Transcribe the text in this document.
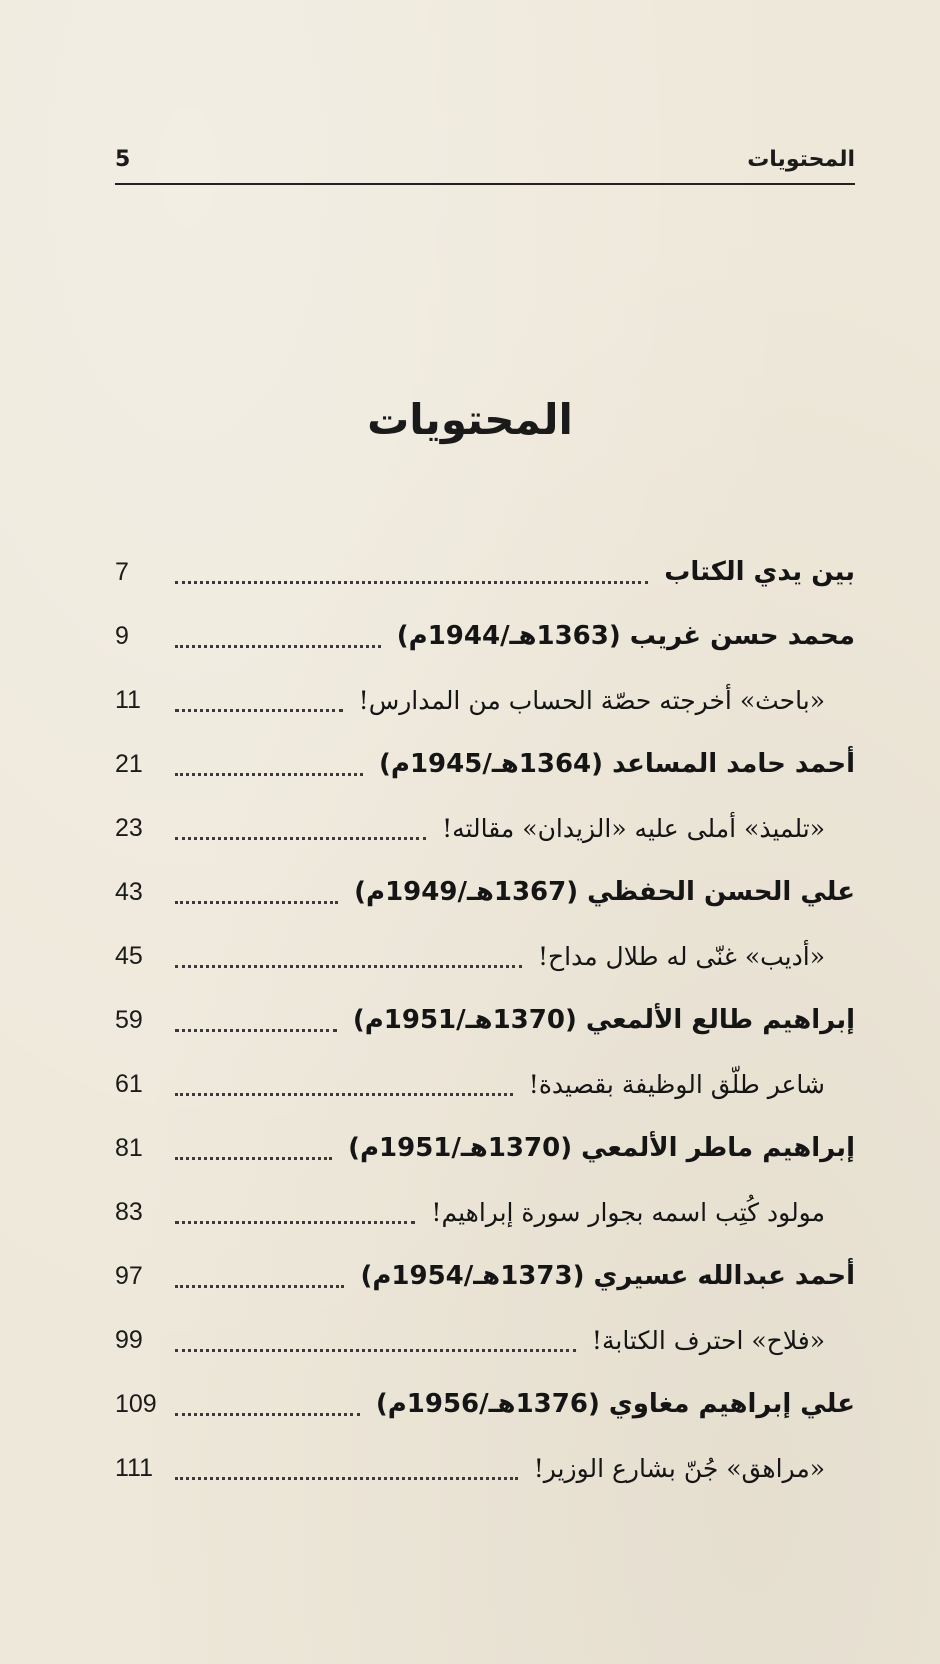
المحتويات
5
المحتويات
بين يدي الكتاب
7
محمد حسن غريب (1363هـ/1944م)
9
«باحث» أخرجته حصّة الحساب من المدارس!
11
أحمد حامد المساعد (1364هـ/1945م)
21
«تلميذ» أملى عليه «الزيدان» مقالته!
23
علي الحسن الحفظي (1367هـ/1949م)
43
«أديب» غنّى له طلال مداح!
45
إبراهيم طالع الألمعي (1370هـ/1951م)
59
شاعر طلّق الوظيفة بقصيدة!
61
إبراهيم ماطر الألمعي (1370هـ/1951م)
81
مولود كُتِب اسمه بجوار سورة إبراهيم!
83
أحمد عبدالله عسيري (1373هـ/1954م)
97
«فلاح» احترف الكتابة!
99
علي إبراهيم مغاوي (1376هـ/1956م)
109
«مراهق» جُنّ بشارع الوزير!
111
